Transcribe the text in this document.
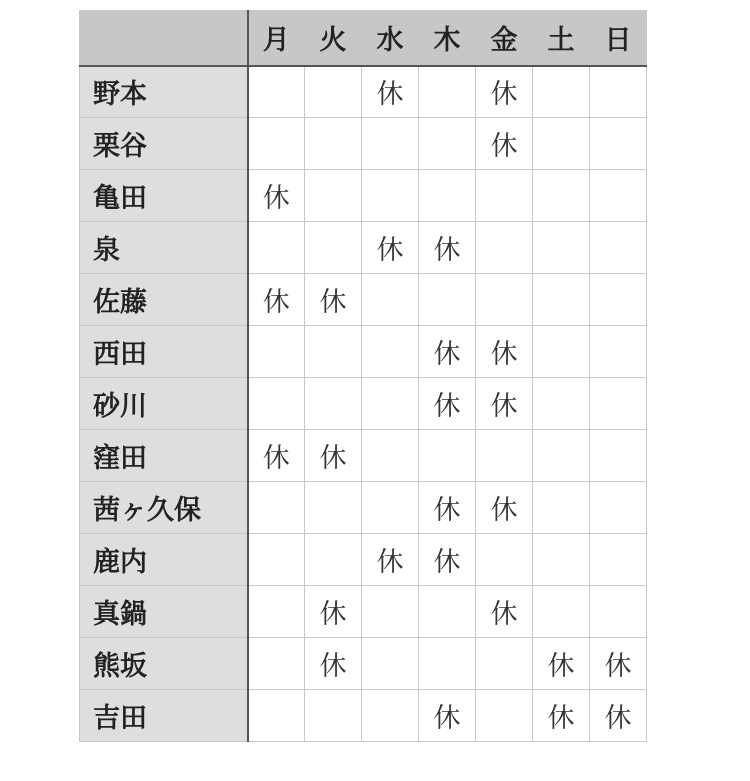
	月	火	水	木	金	土	日
野本			休		休		
栗谷					休		
亀田	休						
泉			休	休			
佐藤	休	休					
西田				休	休		
砂川				休	休		
窪田	休	休					
茜ヶ久保				休	休		
鹿内			休	休			
真鍋		休			休		
熊坂		休				休	休
吉田				休		休	休
